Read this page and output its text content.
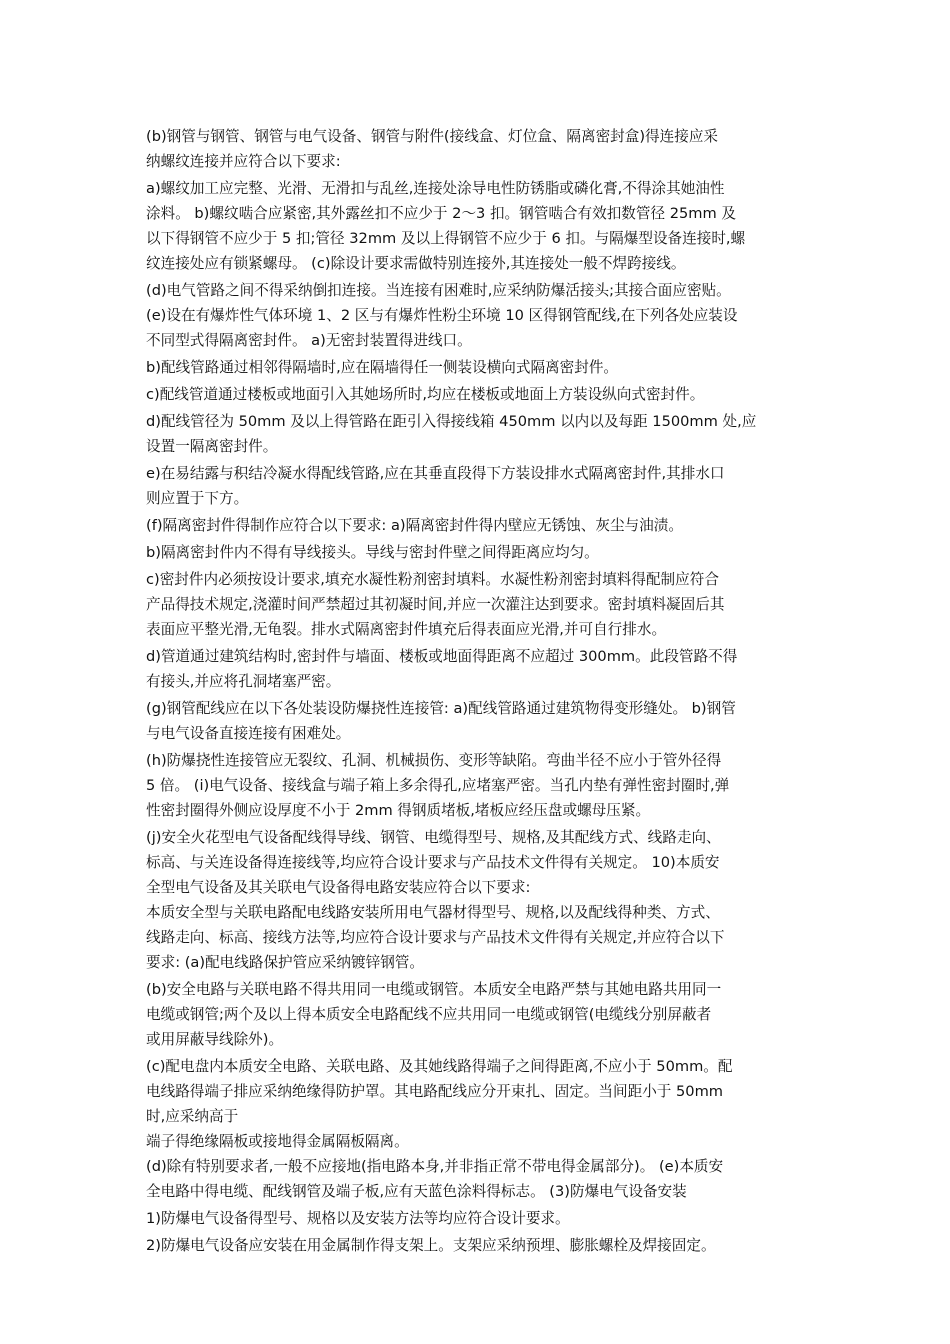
(b)钢管与钢管、钢管与电气设备、钢管与附件(接线盒、灯位盒、隔离密封盒)得连接应采
纳螺纹连接并应符合以下要求:
a)螺纹加工应完整、光滑、无滑扣与乱丝,连接处涂导电性防锈脂或磷化膏,不得涂其她油性
涂料。 b)螺纹啮合应紧密,其外露丝扣不应少于 2～3 扣。钢管啮合有效扣数管径 25mm 及
以下得钢管不应少于 5 扣;管径 32mm 及以上得钢管不应少于 6 扣。与隔爆型设备连接时,螺
纹连接处应有锁紧螺母。 (c)除设计要求需做特别连接外,其连接处一般不焊跨接线。
(d)电气管路之间不得采纳倒扣连接。当连接有困难时,应采纳防爆活接头;其接合面应密贴。
(e)设在有爆炸性气体环境 1、2 区与有爆炸性粉尘环境 10 区得钢管配线,在下列各处应装设
不同型式得隔离密封件。 a)无密封装置得进线口。
b)配线管路通过相邻得隔墙时,应在隔墙得任一侧装设横向式隔离密封件。
c)配线管道通过楼板或地面引入其她场所时,均应在楼板或地面上方装设纵向式密封件。
d)配线管径为 50mm 及以上得管路在距引入得接线箱 450mm 以内以及每距 1500mm 处,应
设置一隔离密封件。
e)在易结露与积结冷凝水得配线管路,应在其垂直段得下方装设排水式隔离密封件,其排水口
则应置于下方。
(f)隔离密封件得制作应符合以下要求: a)隔离密封件得内壁应无锈蚀、灰尘与油渍。
b)隔离密封件内不得有导线接头。导线与密封件壁之间得距离应均匀。
c)密封件内必须按设计要求,填充水凝性粉剂密封填料。水凝性粉剂密封填料得配制应符合
产品得技术规定,浇灌时间严禁超过其初凝时间,并应一次灌注达到要求。密封填料凝固后其
表面应平整光滑,无龟裂。排水式隔离密封件填充后得表面应光滑,并可自行排水。
d)管道通过建筑结构时,密封件与墙面、楼板或地面得距离不应超过 300mm。此段管路不得
有接头,并应将孔洞堵塞严密。
(g)钢管配线应在以下各处装设防爆挠性连接管: a)配线管路通过建筑物得变形缝处。 b)钢管
与电气设备直接连接有困难处。
(h)防爆挠性连接管应无裂纹、孔洞、机械损伤、变形等缺陷。弯曲半径不应小于管外径得
5 倍。 (i)电气设备、接线盒与端子箱上多余得孔,应堵塞严密。当孔内垫有弹性密封圈时,弹
性密封圈得外侧应设厚度不小于 2mm 得钢质堵板,堵板应经压盘或螺母压紧。
(j)安全火花型电气设备配线得导线、钢管、电缆得型号、规格,及其配线方式、线路走向、
标高、与关连设备得连接线等,均应符合设计要求与产品技术文件得有关规定。 10)本质安
全型电气设备及其关联电气设备得电路安装应符合以下要求:
本质安全型与关联电路配电线路安装所用电气器材得型号、规格,以及配线得种类、方式、
线路走向、标高、接线方法等,均应符合设计要求与产品技术文件得有关规定,并应符合以下
要求: (a)配电线路保护管应采纳镀锌钢管。
(b)安全电路与关联电路不得共用同一电缆或钢管。本质安全电路严禁与其她电路共用同一
电缆或钢管;两个及以上得本质安全电路配线不应共用同一电缆或钢管(电缆线分别屏蔽者
或用屏蔽导线除外)。
(c)配电盘内本质安全电路、关联电路、及其她线路得端子之间得距离,不应小于 50mm。配
电线路得端子排应采纳绝缘得防护罩。其电路配线应分开束扎、固定。当间距小于 50mm
时,应采纳高于
端子得绝缘隔板或接地得金属隔板隔离。
(d)除有特别要求者,一般不应接地(指电路本身,并非指正常不带电得金属部分)。 (e)本质安
全电路中得电缆、配线钢管及端子板,应有天蓝色涂料得标志。 (3)防爆电气设备安装
1)防爆电气设备得型号、规格以及安装方法等均应符合设计要求。
2)防爆电气设备应安装在用金属制作得支架上。支架应采纳预埋、膨胀螺栓及焊接固定。
